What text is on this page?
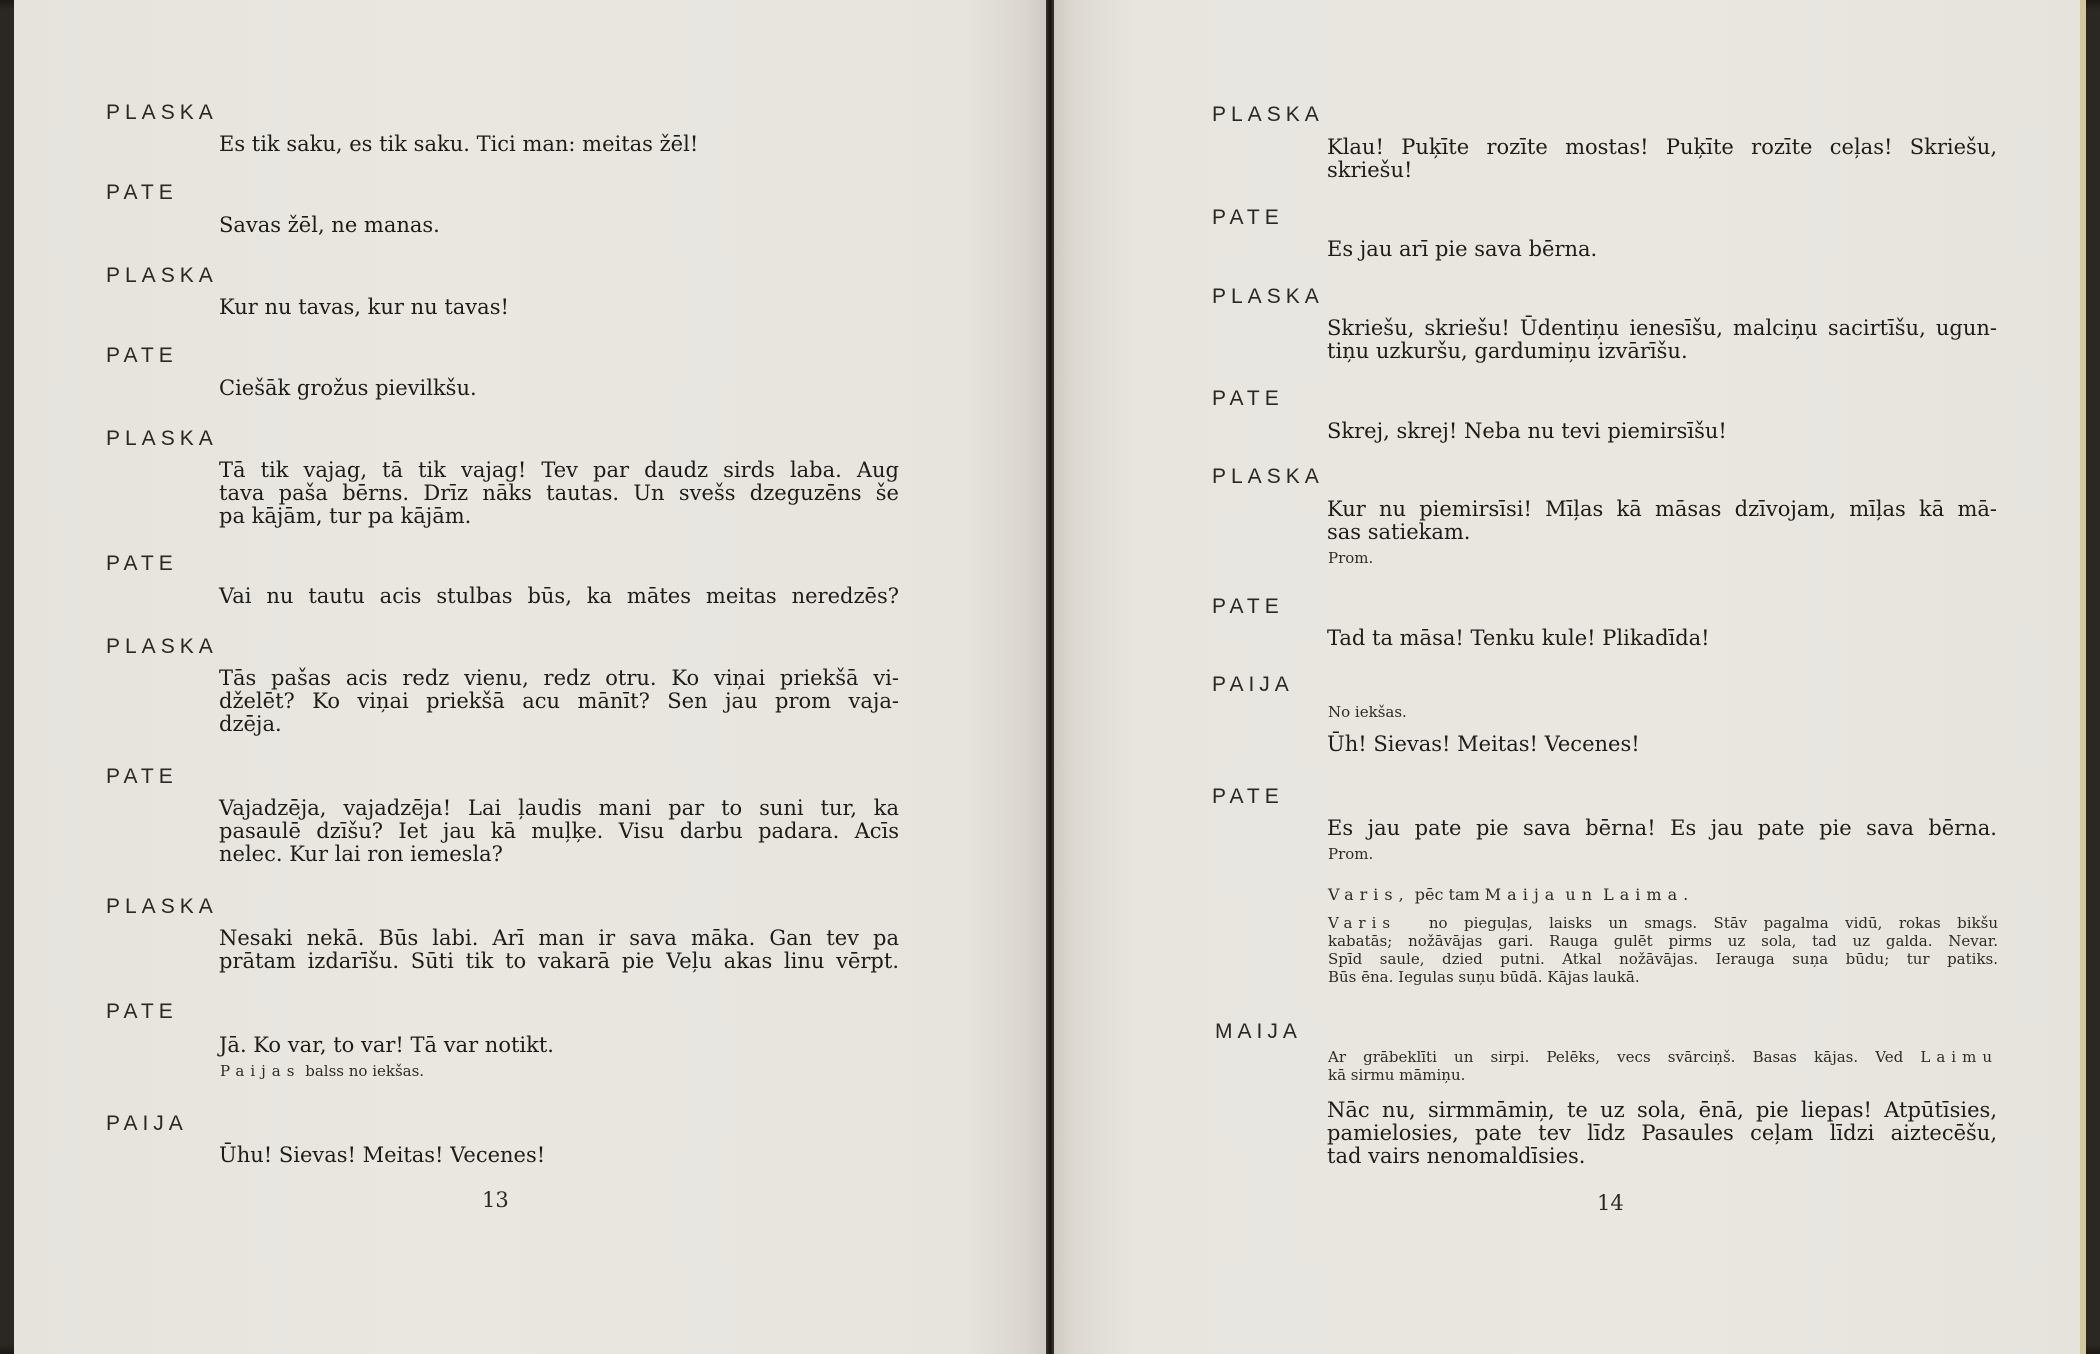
PLASKA
Es tik saku, es tik saku. Tici man: meitas žēl!
PATE
Savas žēl, ne manas.
PLASKA
Kur nu tavas, kur nu tavas!
PATE
Ciešāk grožus pievilkšu.
PLASKA
Tā tik vajag, tā tik vajag! Tev par daudz sirds laba. Aug
tava paša bērns. Drīz nāks tautas. Un svešs dzeguzēns še
pa kājām, tur pa kājām.
PATE
Vai nu tautu acis stulbas būs, ka mātes meitas neredzēs?
PLASKA
Tās pašas acis redz vienu, redz otru. Ko viņai priekšā vi-
dželēt? Ko viņai priekšā acu mānīt? Sen jau prom vaja-
dzēja.
PATE
Vajadzēja, vajadzēja! Lai ļaudis mani par to suni tur, ka
pasaulē dzīšu? Iet jau kā muļķe. Visu darbu padara. Acīs
nelec. Kur lai ron iemesla?
PLASKA
Nesaki nekā. Būs labi. Arī man ir sava māka. Gan tev pa
prātam izdarīšu. Sūti tik to vakarā pie Veļu akas linu vērpt.
PATE
Jā. Ko var, to var! Tā var notikt.
Paijas balss no iekšas.
PAIJA
Ūhu! Sievas! Meitas! Vecenes!
13
PLASKA
Klau! Puķīte rozīte mostas! Puķīte rozīte ceļas! Skriešu,
skriešu!
PATE
Es jau arī pie sava bērna.
PLASKA
Skriešu, skriešu! Ūdentiņu ienesīšu, malciņu sacirtīšu, ugun-
tiņu uzkuršu, gardumiņu izvārīšu.
PATE
Skrej, skrej! Neba nu tevi piemirsīšu!
PLASKA
Kur nu piemirsīsi! Mīļas kā māsas dzīvojam, mīļas kā mā-
sas satiekam.
Prom.
PATE
Tad ta māsa! Tenku kule! Plikadīda!
PAIJA
No iekšas.
Ūh! Sievas! Meitas! Vecenes!
PATE
Es jau pate pie sava bērna! Es jau pate pie sava bērna.
Prom.
Varis, pēc tam Maija un Laima.
Varis no pieguļas, laisks un smags. Stāv pagalma vidū, rokas bikšu
kabatās; nožāvājas gari. Rauga gulēt pirms uz sola, tad uz galda. Nevar.
Spīd saule, dzied putni. Atkal nožāvājas. Ierauga suņa būdu; tur patiks.
Būs ēna. Iegulas suņu būdā. Kājas laukā.
MAIJA
Ar grābeklīti un sirpi. Pelēks, vecs svārciņš. Basas kājas. Ved Laimu
kā sirmu māmiņu.
Nāc nu, sirmmāmiņ, te uz sola, ēnā, pie liepas! Atpūtīsies,
pamielosies, pate tev līdz Pasaules ceļam līdzi aiztecēšu,
tad vairs nenomaldīsies.
14
